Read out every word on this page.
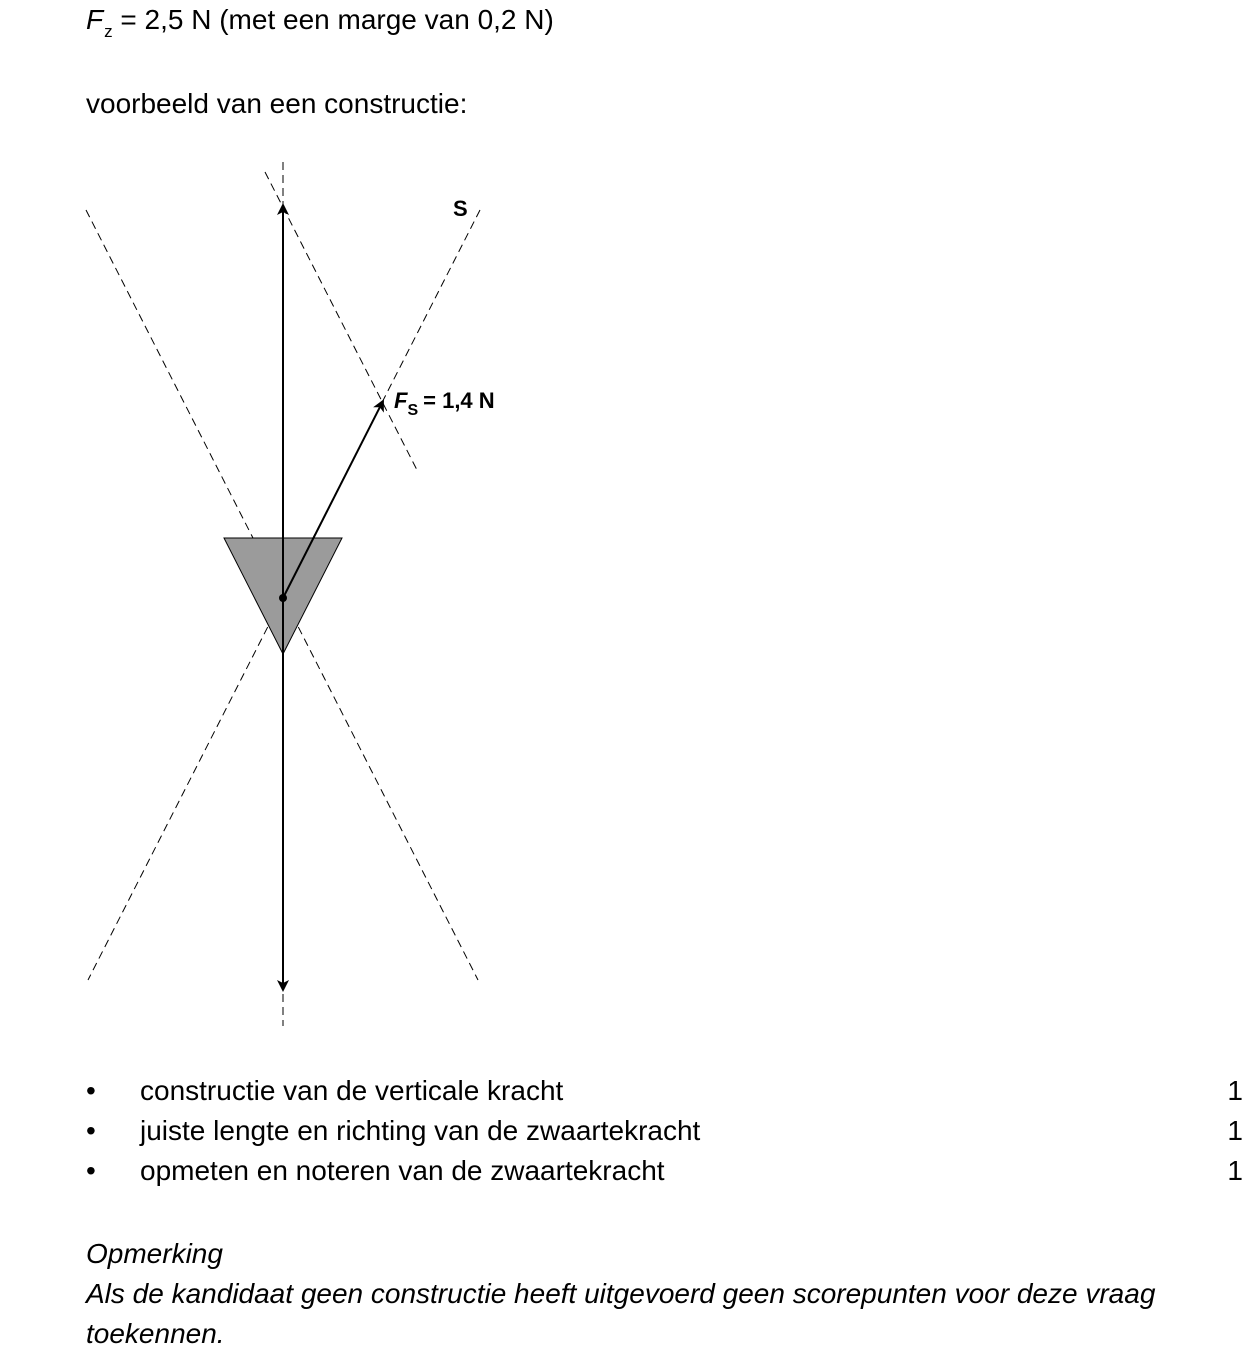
$F_z = 2,5$ N (met een marge van 0,2 N)
voorbeeld van een constructie:
S
$F_S = 1,4$ N
• constructie van de verticale kracht	1
• juiste lengte en richting van de zwaartekracht	1
• opmeten en noteren van de zwaartekracht	1
Opmerking
Als de kandidaat geen constructie heeft uitgevoerd geen scorepunten voor deze vraag toekennen.
